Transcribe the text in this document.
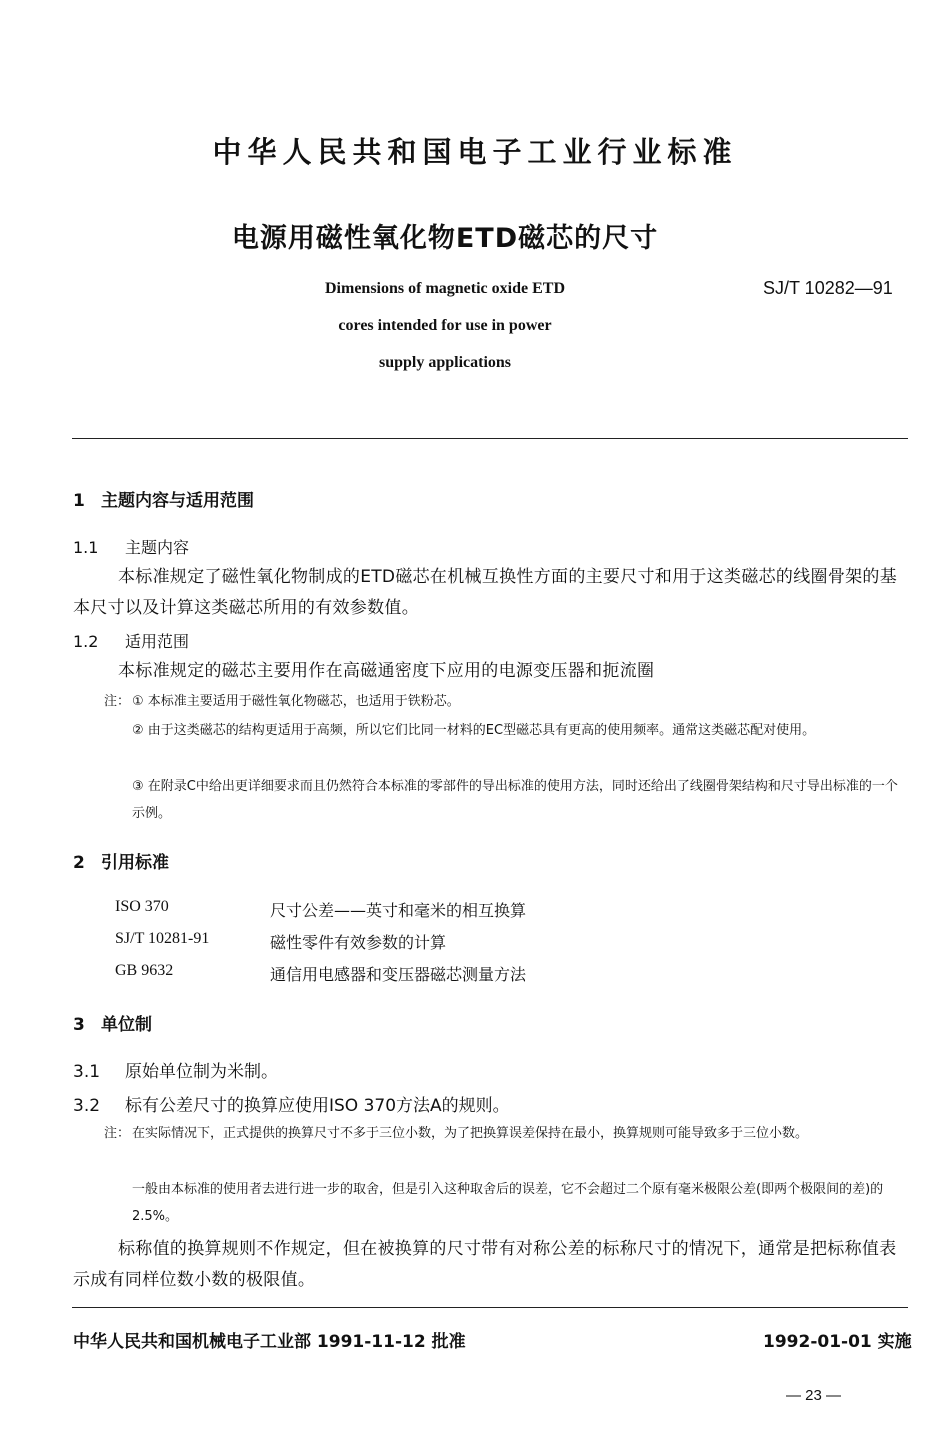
中华人民共和国电子工业行业标准
电源用磁性氧化物ETD磁芯的尺寸
Dimensions of magnetic oxide ETD
cores intended for use in power
supply applications
SJ/T 10282—91
1 主题内容与适用范围
1.1 主题内容
本标准规定了磁性氧化物制成的ETD磁芯在机械互换性方面的主要尺寸和用于这类磁芯的线圈骨架的基本尺寸以及计算这类磁芯所用的有效参数值。
1.2 适用范围
本标准规定的磁芯主要用作在高磁通密度下应用的电源变压器和扼流圈
注： ① 本标准主要适用于磁性氧化物磁芯，也适用于铁粉芯。
② 由于这类磁芯的结构更适用于高频，所以它们比同一材料的EC型磁芯具有更高的使用频率。通常这类磁芯配对使用。
③ 在附录C中给出更详细要求而且仍然符合本标准的零部件的导出标准的使用方法，同时还给出了线圈骨架结构和尺寸导出标准的一个示例。
2 引用标准
ISO 370	尺寸公差——英寸和毫米的相互换算
SJ/T 10281-91	磁性零件有效参数的计算
GB 9632	通信用电感器和变压器磁芯测量方法
3 单位制
3.1 原始单位制为米制。
3.2 标有公差尺寸的换算应使用ISO 370方法A的规则。
注： 在实际情况下，正式提供的换算尺寸不多于三位小数，为了把换算误差保持在最小，换算规则可能导致多于三位小数。
一般由本标准的使用者去进行进一步的取舍，但是引入这种取舍后的误差，它不会超过二个原有毫米极限公差(即两个极限间的差)的2.5%。
标称值的换算规则不作规定，但在被换算的尺寸带有对称公差的标称尺寸的情况下，通常是把标称值表示成有同样位数小数的极限值。
中华人民共和国机械电子工业部 1991-11-12 批准	1992-01-01 实施
— 23 —
